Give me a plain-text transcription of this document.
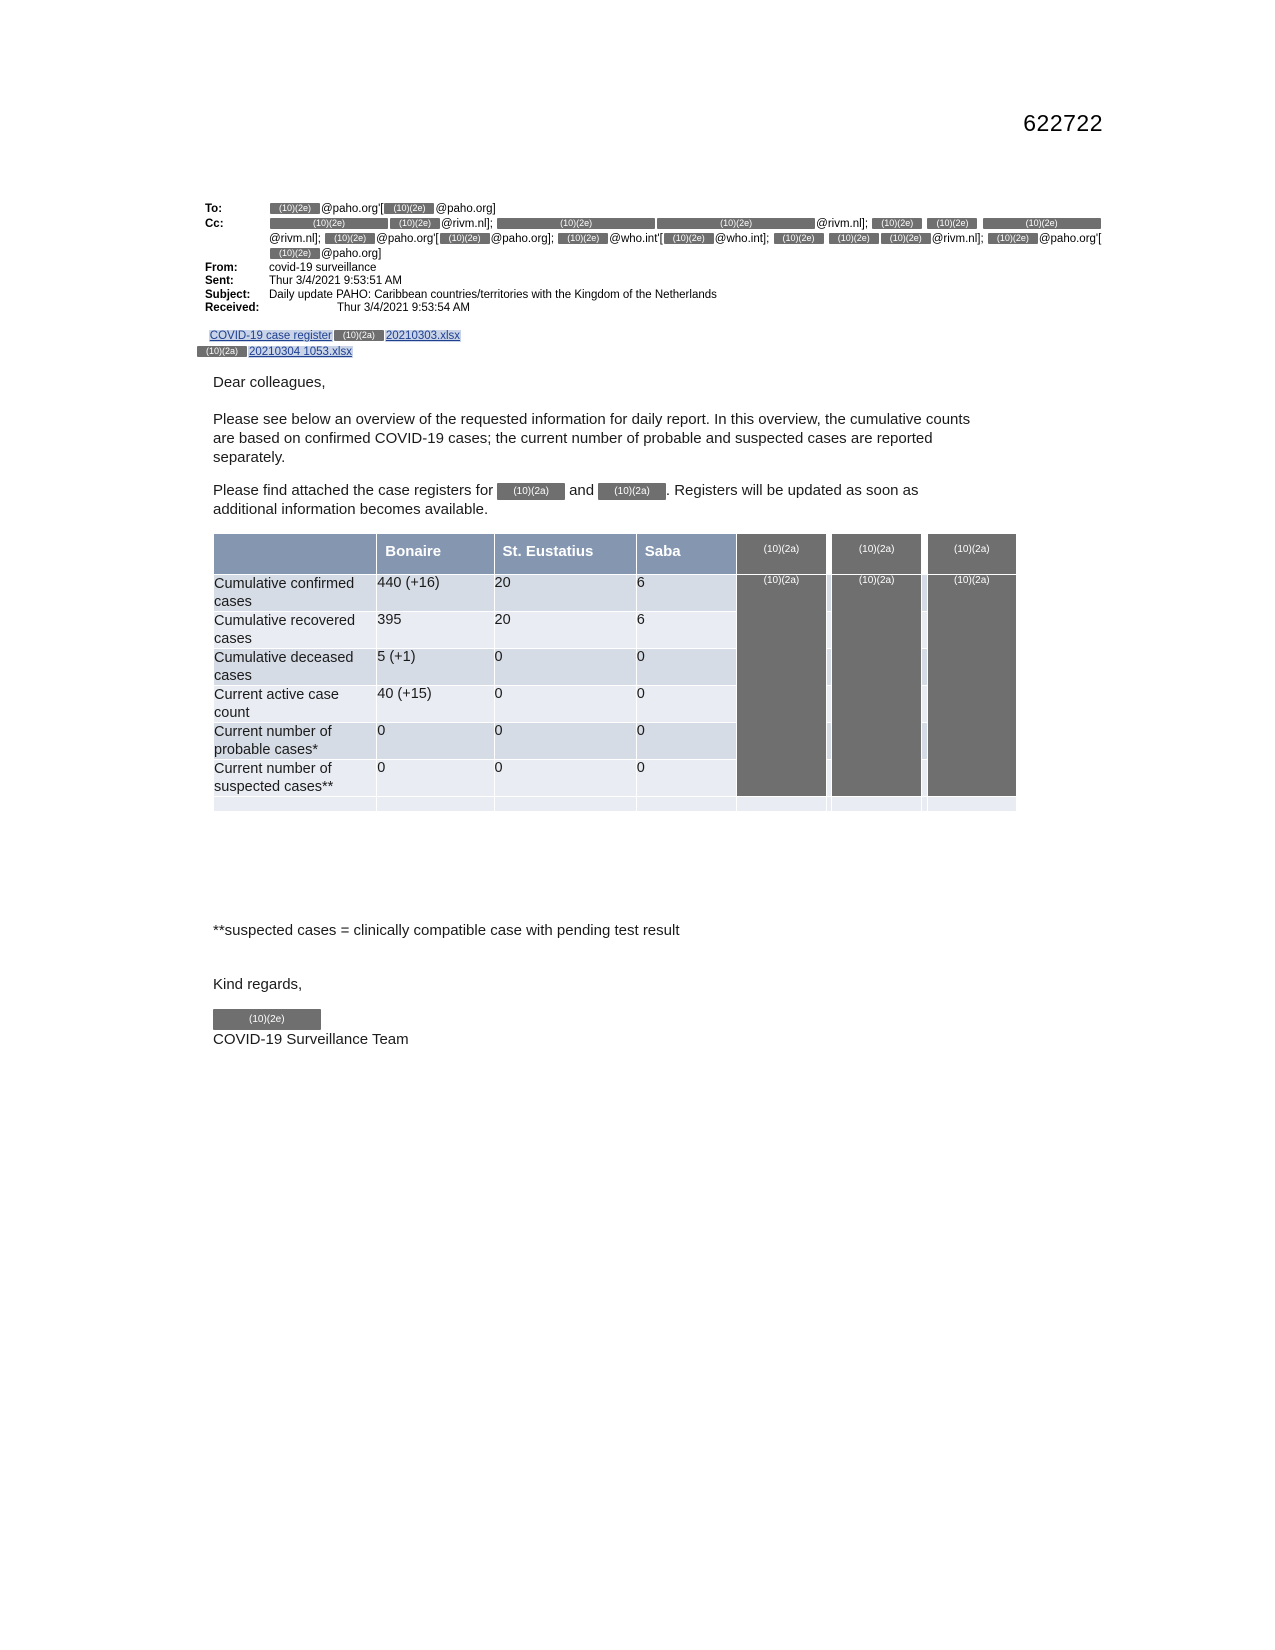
622722
To:	(10)(2e) @paho.org'[ (10)(2e) @paho.org]
Cc:	(10)(2e)	(10)(2e) @rivm.nl];	(10)(2e)	(10)(2e)	@rivm.nl]; (10)(2e)	(10)(2e)	(10)(2e)@rivm.nl]; (10)(2e) @paho.org'[ (10)(2e) @paho.org]; (10)(2e) @who.int'[ (10)(2e) @who.int]; (10)(2e)	(10)(2e) (10)(2e) @rivm.nl]; (10)(2e) @paho.org'[(10)(2e) @paho.org]
From:	covid-19 surveillance
Sent:	Thur 3/4/2021 9:53:51 AM
Subject:	Daily update PAHO: Caribbean countries/territories with the Kingdom of the Netherlands
Received:	Thur 3/4/2021 9:53:54 AM
COVID-19 case register (10)(2a) 20210303.xlsx
(10)(2a) 20210304 1053.xlsx
Dear colleagues,
Please see below an overview of the requested information for daily report. In this overview, the cumulative counts are based on confirmed COVID-19 cases; the current number of probable and suspected cases are reported separately.
Please find attached the case registers for (10)(2a) and (10)(2a) . Registers will be updated as soon as additional information becomes available.
	Bonaire	St. Eustatius	Saba	(10)(2a)		(10)(2a)		(10)(2a)
Cumulative confirmed cases	440 (+16)	20	6	(10)(2a)		(10)(2a)		(10)(2a)
Cumulative recovered cases	395	20	6					
Cumulative deceased cases	5 (+1)	0	0					
Current active case count	40 (+15)	0	0					
Current number of probable cases*	0	0	0					
Current number of suspected cases**	0	0	0					

**suspected cases = clinically compatible case with pending test result
Kind regards,
(10)(2e)
COVID-19 Surveillance Team
